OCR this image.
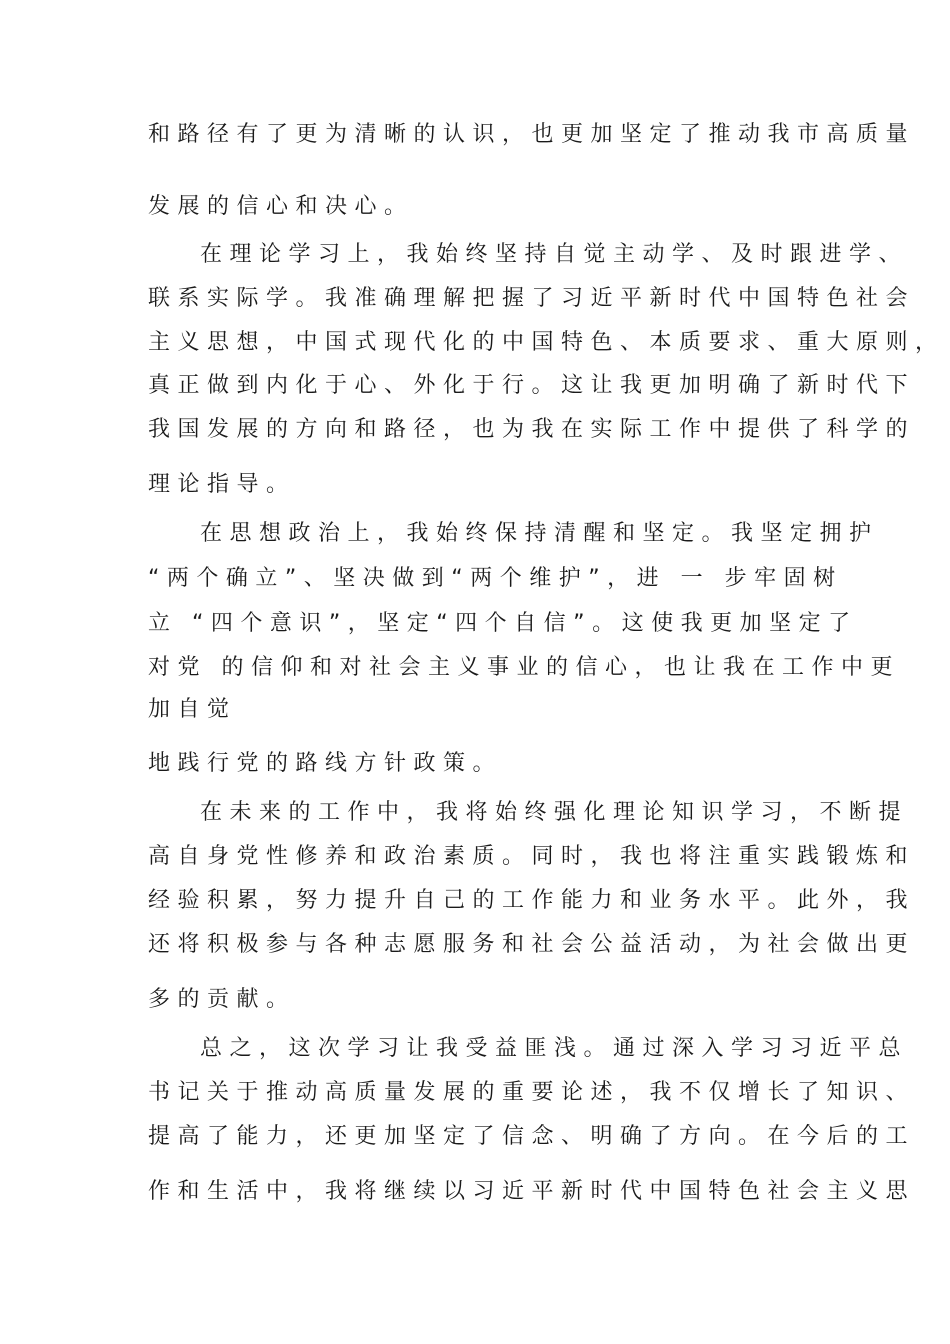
和路径有了更为清晰的认识，也更加坚定了推动我市高质量
发展的信心和决心。
在理论学习上，我始终坚持自觉主动学、及时跟进学、
联系实际学。我准确理解把握了习近平新时代中国特色社会
主义思想，中国式现代化的中国特色、本质要求、重大原则，
真正做到内化于心、外化于行。这让我更加明确了新时代下
我国发展的方向和路径，也为我在实际工作中提供了科学的
理论指导。
在思想政治上，我始终保持清醒和坚定。我坚定拥护
“两个确立”、坚决做到“两个维护”，进 一 步牢固树
立 “四个意识”，坚定“四个自信”。这使我更加坚定了
对党 的信仰和对社会主义事业的信心，也让我在工作中更
加自觉
地践行党的路线方针政策。
在未来的工作中，我将始终强化理论知识学习，不断提
高自身党性修养和政治素质。同时，我也将注重实践锻炼和
经验积累，努力提升自己的工作能力和业务水平。此外，我
还将积极参与各种志愿服务和社会公益活动，为社会做出更
多的贡献。
总之，这次学习让我受益匪浅。通过深入学习习近平总
书记关于推动高质量发展的重要论述，我不仅增长了知识、
提高了能力，还更加坚定了信念、明确了方向。在今后的工
作和生活中，我将继续以习近平新时代中国特色社会主义思
